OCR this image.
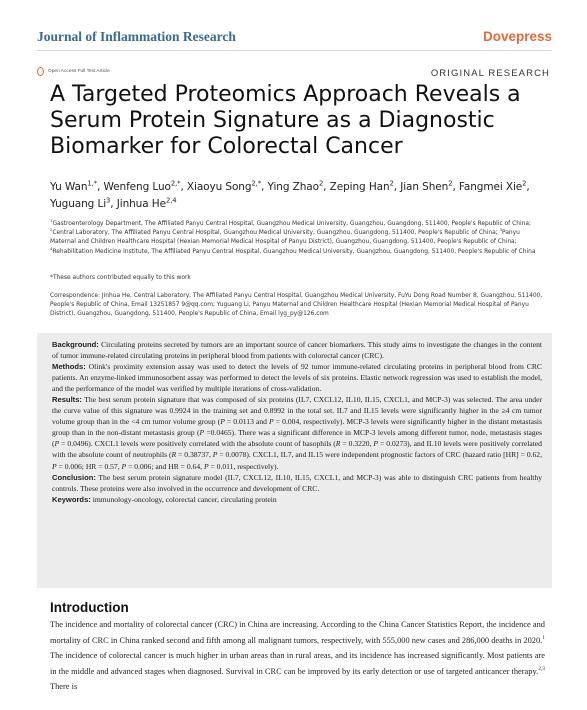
Journal of Inflammation Research	Dovepress
Open Access Full Text Article	ORIGINAL RESEARCH
A Targeted Proteomics Approach Reveals a Serum Protein Signature as a Diagnostic Biomarker for Colorectal Cancer
Yu Wan$^{1,*}$, Wenfeng Luo$^{2,*}$, Xiaoyu Song$^{2,*}$, Ying Zhao$^2$, Zeping Han$^2$, Jian Shen$^2$, Fangmei Xie$^2$, Yuguang Li$^3$, Jinhua He$^{2,4}$
$^1$Gastroenterology Department, The Affiliated Panyu Central Hospital, Guangzhou Medical University, Guangzhou, Guangdong, 511400, People's Republic of China; $^2$Central Laboratory, The Affiliated Panyu Central Hospital, Guangzhou Medical University, Guangzhou, Guangdong, 511400, People's Republic of China; $^3$Panyu Maternal and Children Healthcare Hospital (Hexian Memorial Medical Hospital of Panyu District), Guangzhou, Guangdong, 511400, People's Republic of China; $^4$Rehabilitation Medicine Institute, The Affiliated Panyu Central Hospital, Guangzhou Medical University, Guangzhou, Guangdong, 511400, People's Republic of China
*These authors contributed equally to this work
Correspondence: Jinhua He, Central Laboratory, The Affiliated Panyu Central Hospital, Guangzhou Medical University, FuYu Dong Road Number 8, Guangzhou, 511400, People's Republic of China, Email 13251857 9@qq.com; Yuguang Li, Panyu Maternal and Children Healthcare Hospital (Hexian Memorial Medical Hospital of Panyu District), Guangzhou, Guangdong, 511400, People's Republic of China, Email lyg_py@126.com

Background: Circulating proteins secreted by tumors are an important source of cancer biomarkers. This study aims to investigate the changes in the content of tumor immune-related circulating proteins in peripheral blood from patients with colorectal cancer (CRC).

Methods: Olink's proximity extension assay was used to detect the levels of 92 tumor immune-related circulating proteins in peripheral blood from CRC patients. An enzyme-linked immunosorbent assay was performed to detect the levels of six proteins. Elastic network regression was used to establish the model, and the performance of the model was verified by multiple iterations of cross-validation.

Results: The best serum protein signature that was composed of six proteins (IL7, CXCL12, IL10, IL15, CXCL1, and MCP-3) was selected. The area under the curve value of this signature was 0.9924 in the training set and 0.8992 in the total set. IL7 and IL15 levels were significantly higher in the ≥4 cm tumor volume group than in the <4 cm tumor volume group (P = 0.0113 and P = 0.004, respectively). MCP-3 levels were significantly higher in the distant metastasis group than in the non-distant metastasis group (P =0.0465). There was a significant difference in MCP-3 levels among different tumor, node, metastasis stages (P = 0.0496). CXCL1 levels were positively correlated with the absolute count of basophils (R = 0.3220, P = 0.0273), and IL10 levels were positively correlated with the absolute count of neutrophils (R = 0.38737, P = 0.0078). CXCL1, IL7, and IL15 were independent prognostic factors of CRC (hazard ratio [HR] = 0.62, P = 0.006; HR = 0.57, P = 0.006; and HR = 0.64, P = 0.011, respectively).

Conclusion: The best serum protein signature model (IL7, CXCL12, IL10, IL15, CXCL1, and MCP-3) was able to distinguish CRC patients from healthy controls. These proteins were also involved in the occurrence and development of CRC.

Keywords: immunology-oncology, colorectal cancer, circulating protein

Introduction
The incidence and mortality of colorectal cancer (CRC) in China are increasing. According to the China Cancer Statistics Report, the incidence and mortality of CRC in China ranked second and fifth among all malignant tumors, respectively, with 555,000 new cases and 286,000 deaths in 2020.$^1$ The incidence of colorectal cancer is much higher in urban areas than in rural areas, and its incidence has increased significantly. Most patients are in the middle and advanced stages when diagnosed. Survival in CRC can be improved by its early detection or use of targeted anticancer therapy.$^{2,3}$ There is
